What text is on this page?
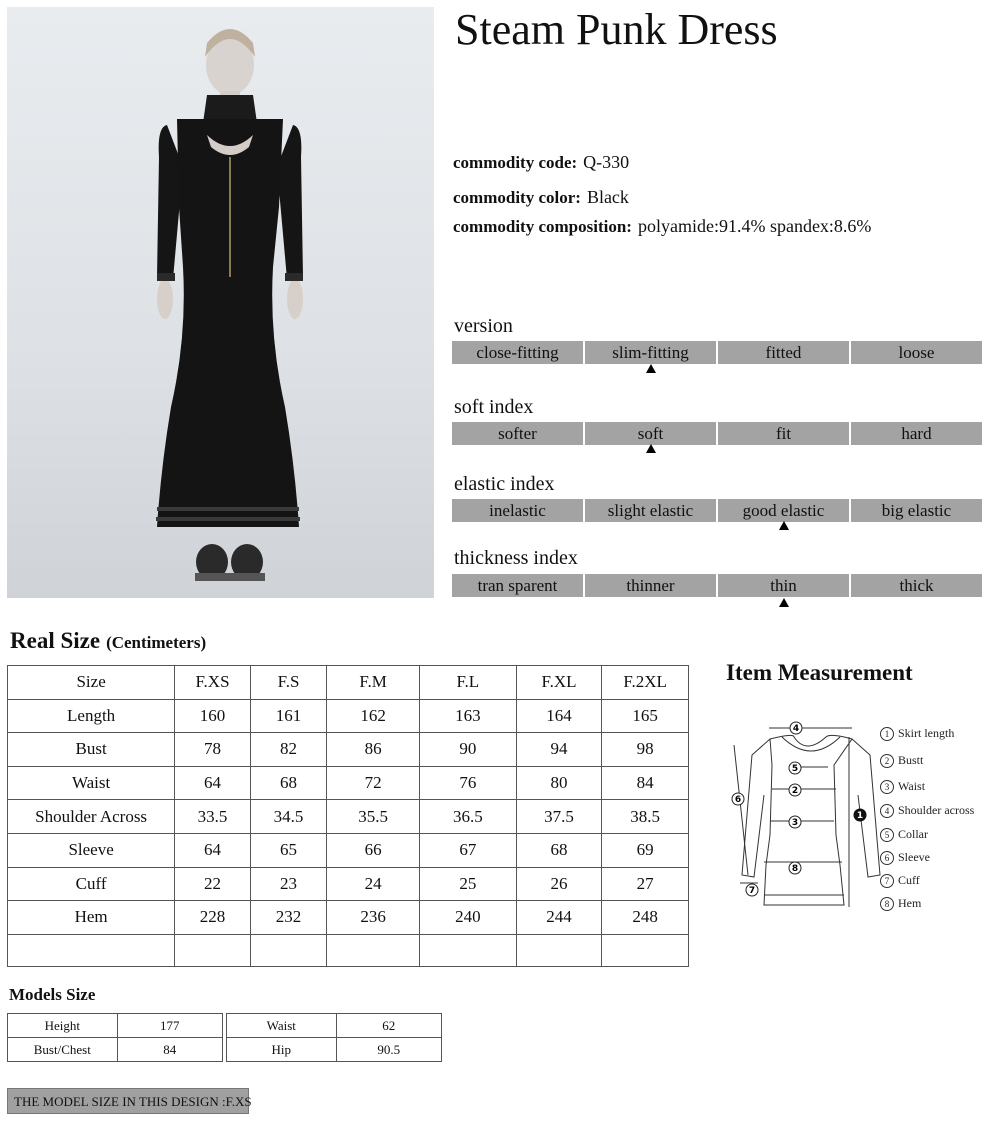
Steam Punk Dress
commodity code: Q-330
commodity color: Black
commodity composition: polyamide:91.4% spandex:8.6%
version
close-fitting	slim-fitting	fitted	loose
soft index
softer	soft	fit	hard
elastic index
inelastic	slight elastic	good elastic	big elastic
thickness index
tran sparent	thinner	thin	thick
Real Size (Centimeters)
Size	F.XS	F.S	F.M	F.L	F.XL	F.2XL
Length	160	161	162	163	164	165
Bust	78	82	86	90	94	98
Waist	64	68	72	76	80	84
Shoulder Across	33.5	34.5	35.5	36.5	37.5	38.5
Sleeve	64	65	66	67	68	69
Cuff	22	23	24	25	26	27
Hem	228	232	236	240	244	248

Item Measurement
4
5
2
3
8
1
6
7
1 Skirt length
2 Bustt
3 Waist
4 Shoulder across
5 Collar
6 Sleeve
7 Cuff
8 Hem
Models Size
Height	177
Bust/Chest	84
Waist	62
Hip	90.5
THE MODEL SIZE IN THIS DESIGN :F.XS
